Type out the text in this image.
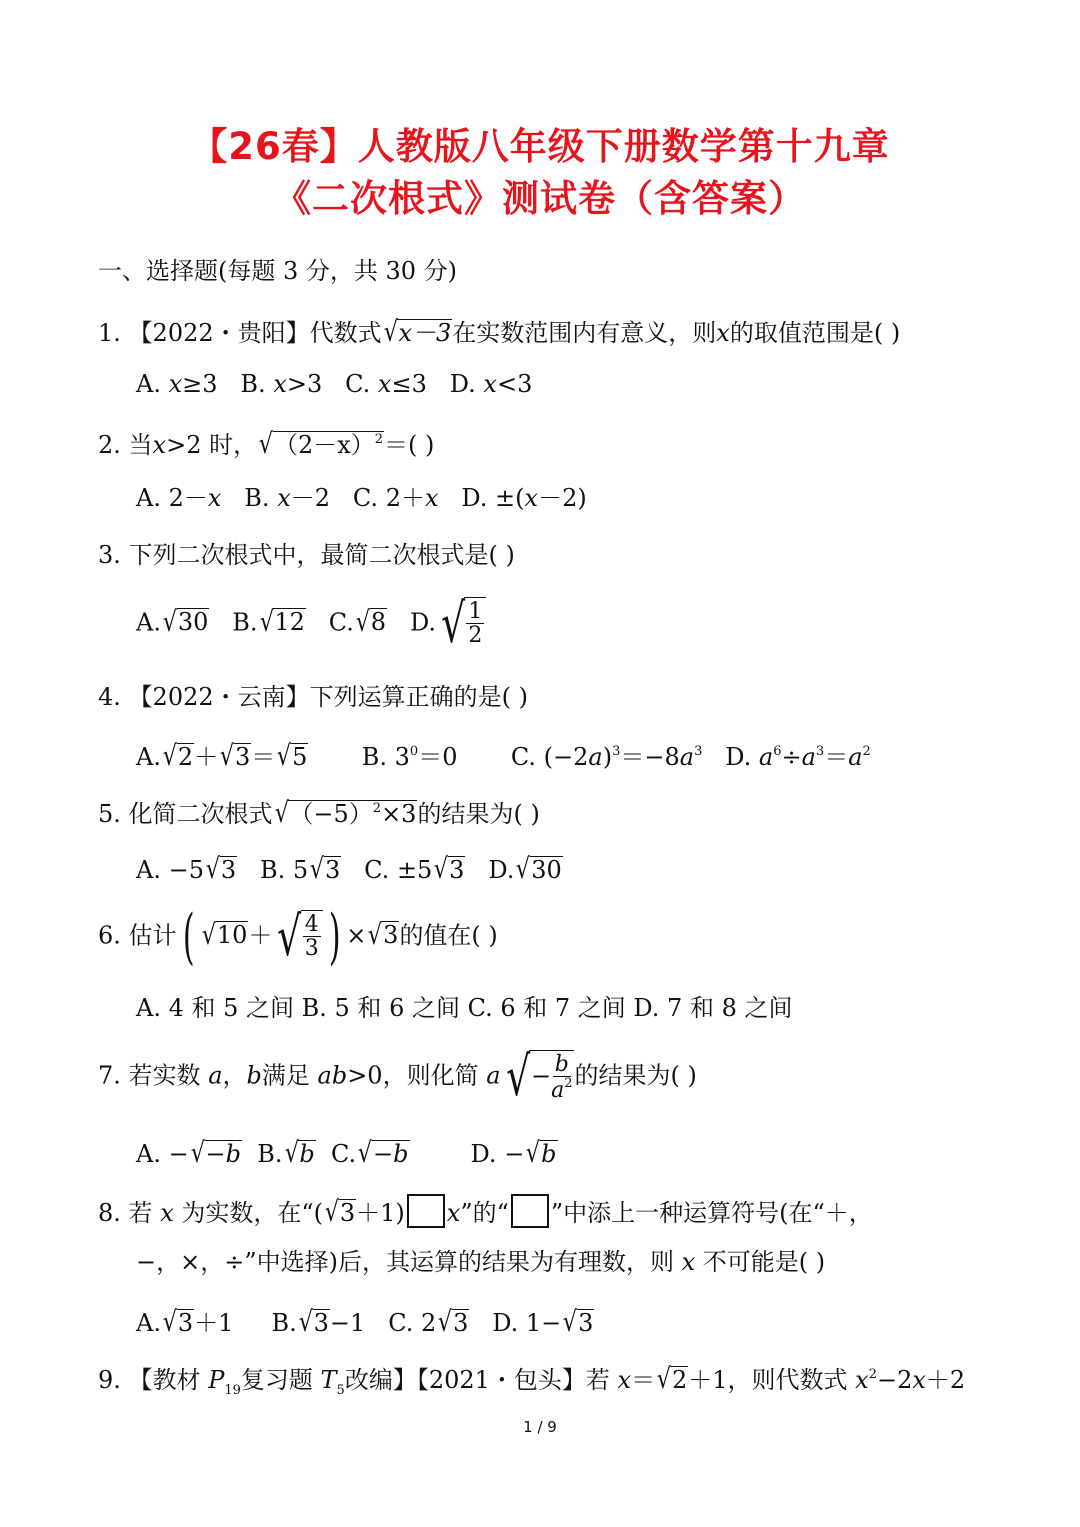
【26春】人教版八年级下册数学第十九章
《二次根式》测试卷（含答案）
一、选择题(每题 3 分，共 30 分)
1. 【2022・贵阳】代数式 √ x－3 在实数范围内有意义，则x的取值范围是( )
A. x≥3 B. x>3 C. x≤3 D. x<3
2. 当x>2 时， √ $(2-x)^2$ ＝( )
A. 2－x B. x－2 C. 2＋x D. ±(x－2)
3. 下列二次根式中，最简二次根式是( )
A. √ 30 B. √ 12 C. √ 8 D. √ $\frac{1}{2}$
4. 【2022・云南】下列运算正确的是( )
A. √ 2 ＋ √ 3 ＝ √ 5 B. $3^0=0$ C. $(-2a)^3=-8a^3$ D. $a^6\div a^3=a^2$
5. 化简二次根式 √ $(-5)^2\times 3$ 的结果为( )
A. −5 √ 3 B. 5 √ 3 C. ±5 √ 3 D. √ 30
6. 估计( √ 10 ＋ √ $\frac{4}{3}$ ) × √ 3 的值在( )
A. 4 和 5 之间 B. 5 和 6 之间 C. 6 和 7 之间 D. 7 和 8 之间
7. 若实数 a，b满足 ab>0，则化简 a √ − $\frac{b}{a^2}$ 的结果为( )
A. − √ −b B. √ b C. √ −b	D. − √ b
8. 若 x 为实数，在“( √ 3 ＋1) x”的“ ”中添上一种运算符号(在“＋，
−，×，÷”中选择)后，其运算的结果为有理数，则 x 不可能是( )
A. √ 3 ＋1 B. √ 3 −1 C. 2 √ 3 D. 1− √ 3
9. 【教材 $P_{19}$复习题 $T_5$改编】【2021・包头】若 x＝ √ 2 ＋1，则代数式 $x^2-2x+2$
1 / 9
